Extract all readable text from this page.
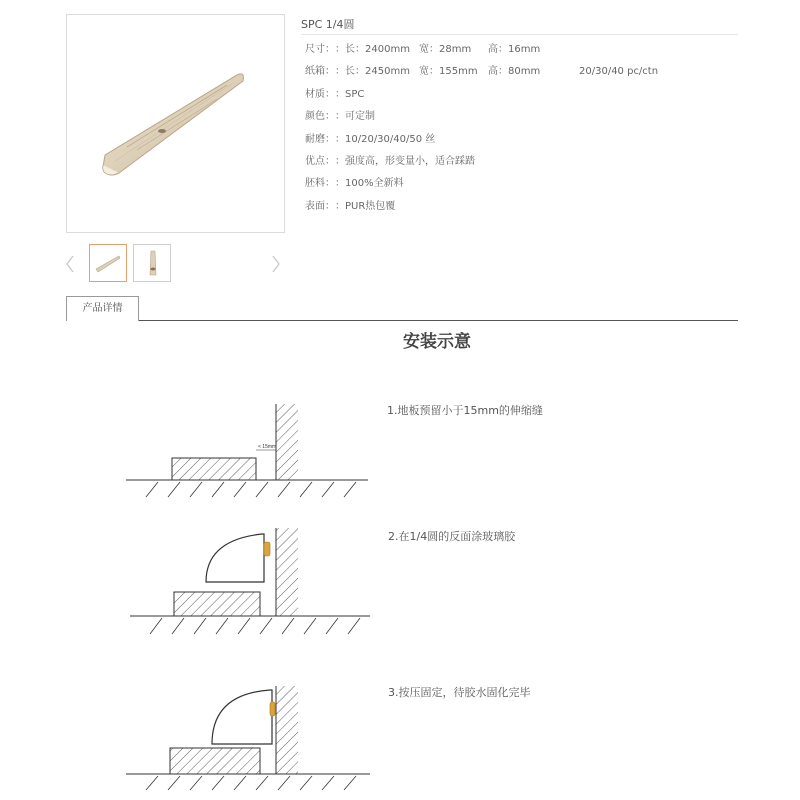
SPC 1/4圆
尺寸： ：长：2400mm 宽：28mm 高：16mm
纸箱： ：长：2450mm 宽：155mm 高：80mm	20/30/40 pc/ctn
材质： ：SPC
颜色： ：可定制
耐磨： ：10/20/30/40/50 丝
优点： ：强度高，形变量小，适合踩踏
胚料： ：100%全新料
表面： ：PUR热包覆
产品详情
安装示意
< 15mm
1.地板预留小于15mm的伸缩缝
2.在1/4圆的反面涂玻璃胶
3.按压固定，待胶水固化完毕
